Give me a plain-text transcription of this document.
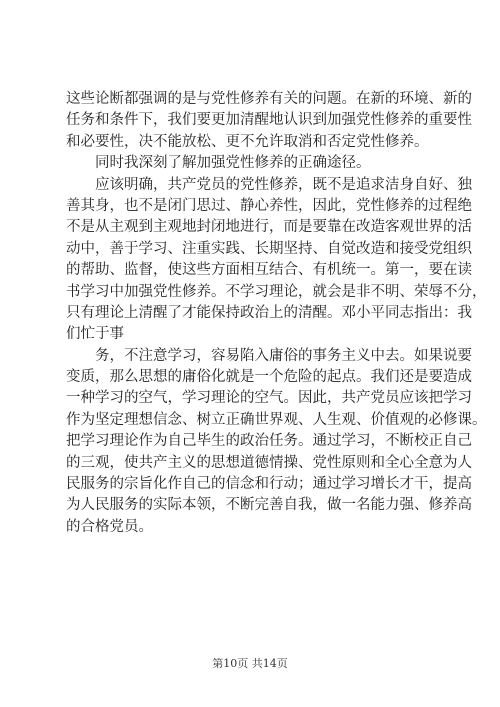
这些论断都强调的是与党性修养有关的问题。在新的环境、新的
任务和条件下，我们要更加清醒地认识到加强党性修养的重要性
和必要性，决不能放松、更不允许取消和否定党性修养。
同时我深刻了解加强党性修养的正确途径。
应该明确，共产党员的党性修养，既不是追求洁身自好、独
善其身，也不是闭门思过、静心养性，因此，党性修养的过程绝
不是从主观到主观地封闭地进行，而是要靠在改造客观世界的活
动中，善于学习、注重实践、长期坚持、自觉改造和接受党组织
的帮助、监督，使这些方面相互结合、有机统一。第一，要在读
书学习中加强党性修养。不学习理论，就会是非不明、荣辱不分，
只有理论上清醒了才能保持政治上的清醒。邓小平同志指出：我
们忙于事
务，不注意学习，容易陷入庸俗的事务主义中去。如果说要
变质，那么思想的庸俗化就是一个危险的起点。我们还是要造成
一种学习的空气，学习理论的空气。因此，共产党员应该把学习
作为坚定理想信念、树立正确世界观、人生观、价值观的必修课。
把学习理论作为自己毕生的政治任务。通过学习，不断校正自己
的三观，使共产主义的思想道德情操、党性原则和全心全意为人
民服务的宗旨化作自己的信念和行动；通过学习增长才干，提高
为人民服务的实际本领，不断完善自我，做一名能力强、修养高
的合格党员。
第10页 共14页
